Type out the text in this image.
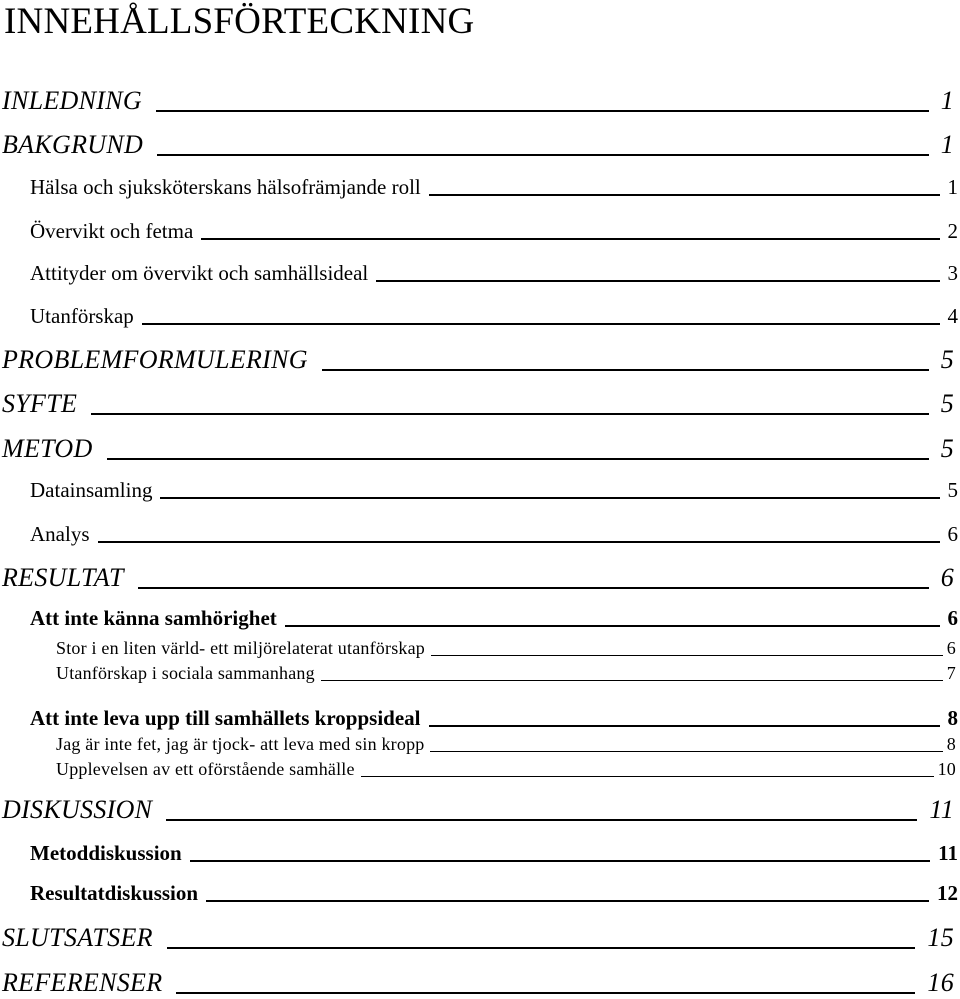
INNEHÅLLSFÖRTECKNING
INLEDNING	1
BAKGRUND	1
Hälsa och sjuksköterskans hälsofrämjande roll	1
Övervikt och fetma	2
Attityder om övervikt och samhällsideal	3
Utanförskap	4
PROBLEMFORMULERING	5
SYFTE	5
METOD	5
Datainsamling	5
Analys	6
RESULTAT	6
Att inte känna samhörighet	6
Stor i en liten värld- ett miljörelaterat utanförskap	6
Utanförskap i sociala sammanhang	7
Att inte leva upp till samhällets kroppsideal	8
Jag är inte fet, jag är tjock- att leva med sin kropp	8
Upplevelsen av ett oförstående samhälle	10
DISKUSSION	11
Metoddiskussion	11
Resultatdiskussion	12
SLUTSATSER	15
REFERENSER	16
